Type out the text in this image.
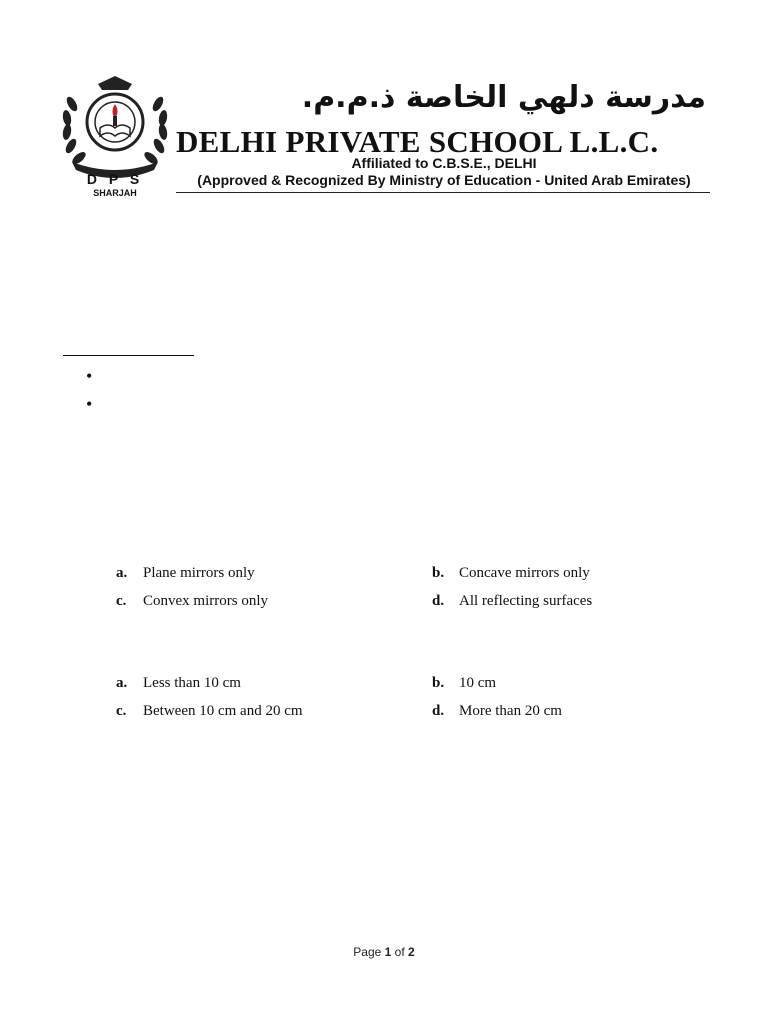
D P S
SHARJAH
مدرسة دلهي الخاصة ذ.م.م.
DELHI PRIVATE SCHOOL L.L.C.
Affiliated to C.B.S.E., DELHI
(Approved & Recognized By Ministry of Education - United Arab Emirates)
•
•
a. Plane mirrors only	b. Concave mirrors only
c. Convex mirrors only	d. All reflecting surfaces
a. Less than 10 cm	b. 10 cm
c. Between 10 cm and 20 cm	d. More than 20 cm
Page 1 of 2
